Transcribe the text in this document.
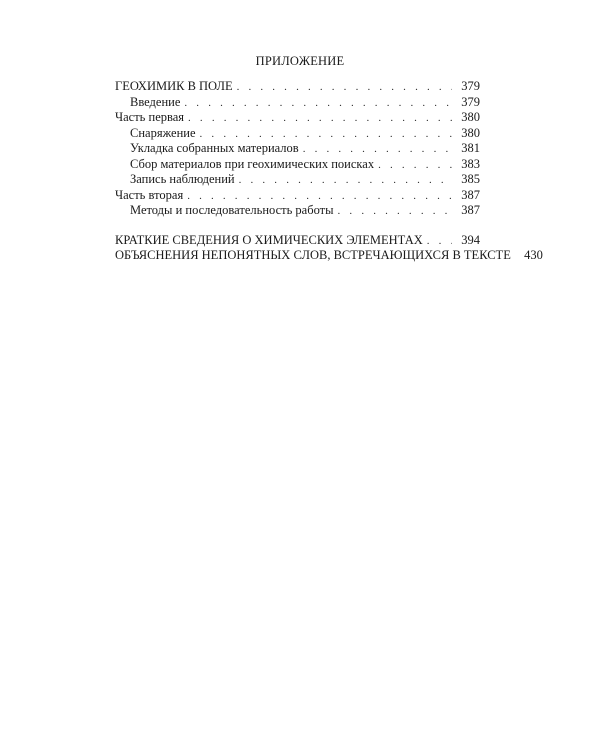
ПРИЛОЖЕНИЕ
ГЕОХИМИК В ПОЛЕ . . .	379
Введение . . .	379
Часть первая . . .	380
Снаряжение . . .	380
Укладка собранных материалов . . .	381
Сбор материалов при геохимических поисках . . .	383
Запись наблюдений . . .	385
Часть вторая . . .	387
Методы и последовательность работы . . .	387
КРАТКИЕ СВЕДЕНИЯ О ХИМИЧЕСКИХ ЭЛЕМЕНТАХ . . .	394
ОБЪЯСНЕНИЯ НЕПОНЯТНЫХ СЛОВ, ВСТРЕЧАЮЩИХСЯ В ТЕКСТЕ	430
